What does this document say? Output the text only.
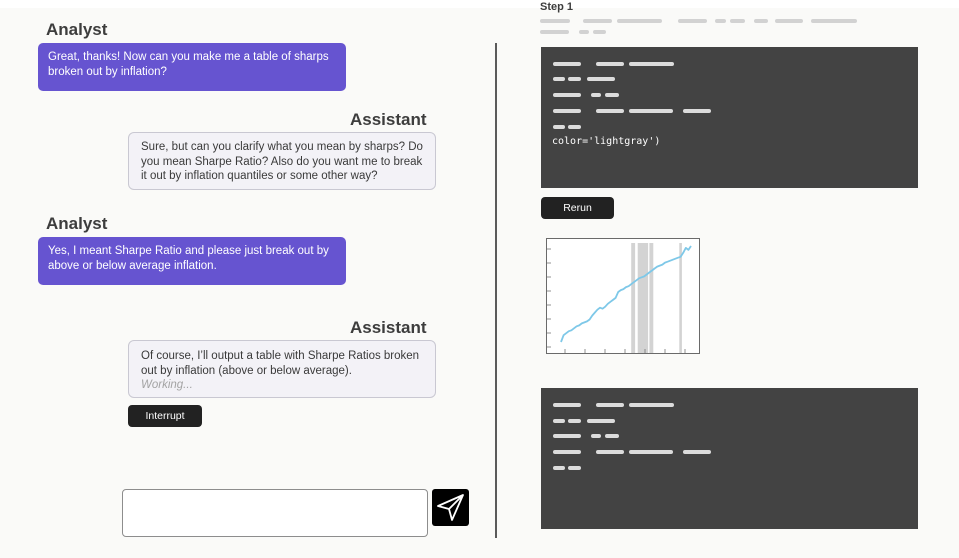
Analyst
Great, thanks! Now can you make me a table of sharps broken out by inflation?
Assistant
Sure, but can you clarify what you mean by sharps? Do you mean Sharpe Ratio? Also do you want me to break it out by inflation quantiles or some other way?
Analyst
Yes, I meant Sharpe Ratio and please just break out by above or below average inflation.
Assistant
Of course, I’ll output a table with Sharpe Ratios broken out by inflation (above or below average).
Working...
Interrupt
Step 1
color='lightgray')
Rerun
